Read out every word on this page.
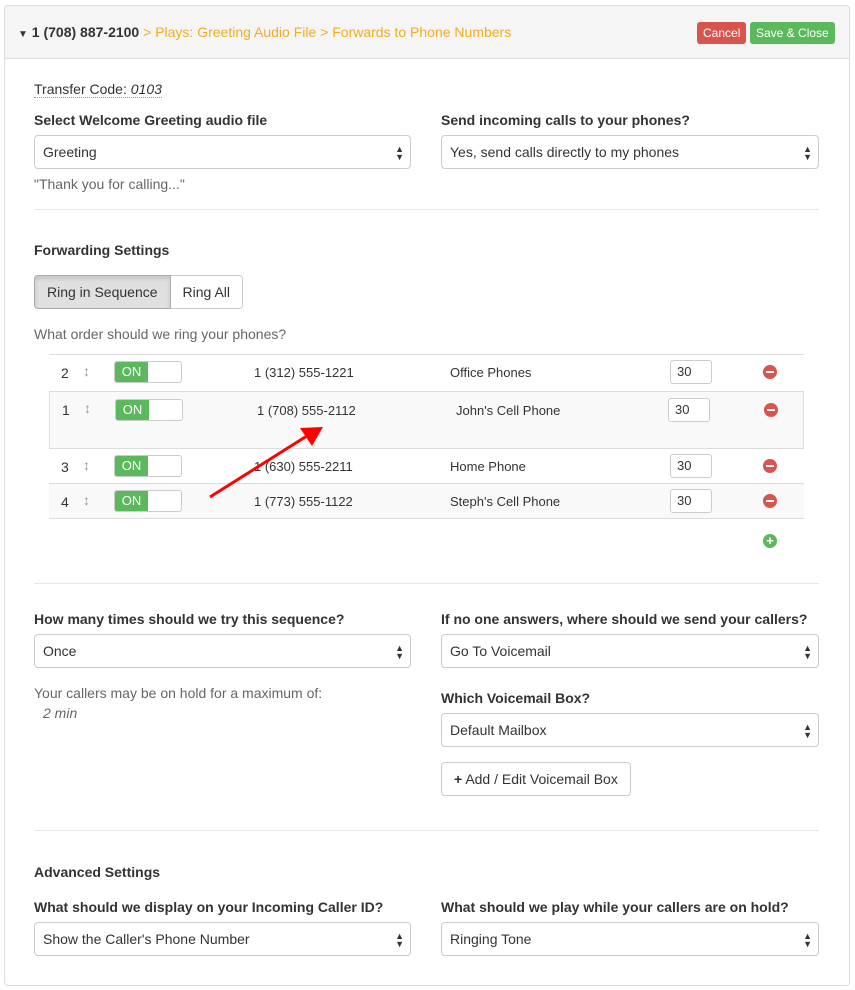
▼ 1 (708) 887-2100 > Plays: Greeting Audio File > Forwards to Phone Numbers	Cancel	Save & Close
Transfer Code: 0103
Select Welcome Greeting audio file
Greeting	▲
▼
"Thank you for calling..."
Send incoming calls to your phones?
Yes, send calls directly to my phones	▲
▼
Forwarding Settings
Ring in Sequence	Ring All
What order should we ring your phones?
2 ↕	ON	1 (312) 555-1221	Office Phones	30
1 ↕	ON	1 (708) 555-2112	John's Cell Phone	30
3 ↕	ON	1 (630) 555-2211	Home Phone	30
4 ↕	ON	1 (773) 555-1122	Steph's Cell Phone	30
+
How many times should we try this sequence?
Once	▲
▼
Your callers may be on hold for a maximum of:
2 min
If no one answers, where should we send your callers?
Go To Voicemail	▲
▼
Which Voicemail Box?
Default Mailbox	▲
▼
+ Add / Edit Voicemail Box
Advanced Settings
What should we display on your Incoming Caller ID?
Show the Caller's Phone Number	▲
▼
What should we play while your callers are on hold?
Ringing Tone	▲
▼
